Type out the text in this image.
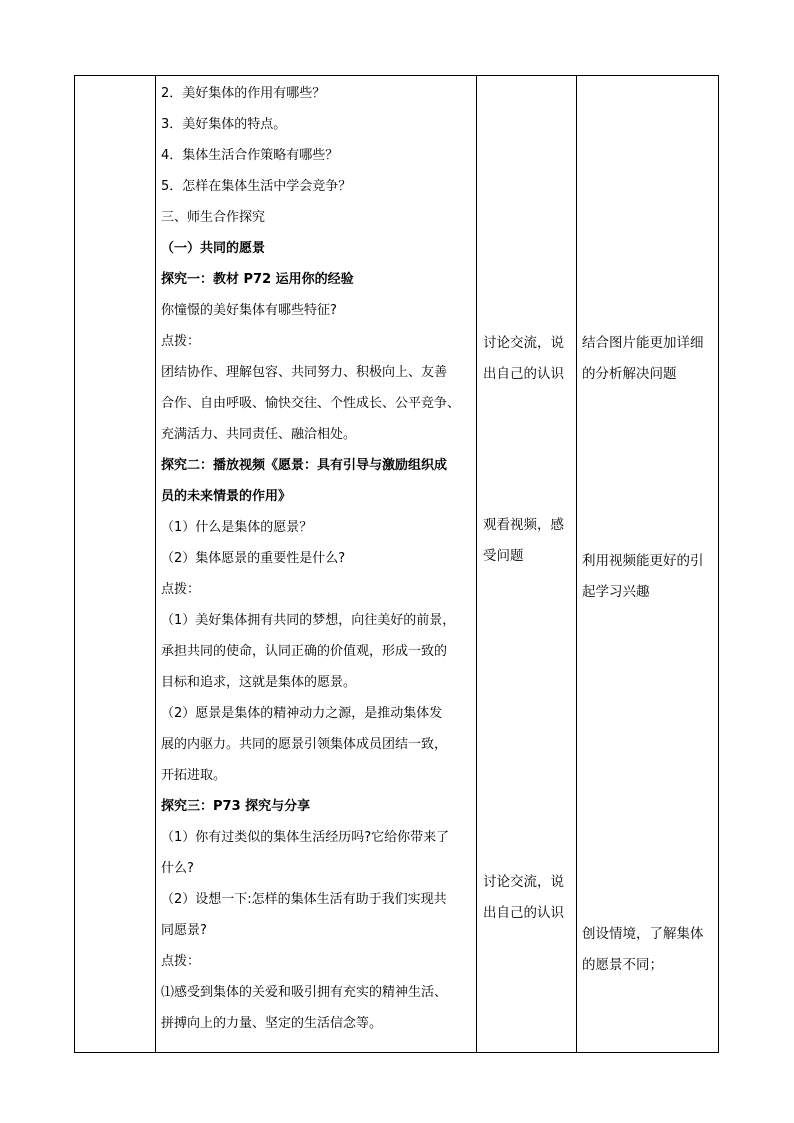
2．美好集体的作用有哪些？
3．美好集体的特点。
4．集体生活合作策略有哪些？
5．怎样在集体生活中学会竞争？
三、师生合作探究
（一）共同的愿景
探究一：教材 P72 运用你的经验
你憧憬的美好集体有哪些特征?
点拨：
团结协作、理解包容、共同努力、积极向上、友善
合作、自由呼吸、愉快交往、个性成长、公平竞争、
充满活力、共同责任、融洽相处。
探究二：播放视频《愿景：具有引导与激励组织成
员的未来情景的作用》
（1）什么是集体的愿景？
（2）集体愿景的重要性是什么?
点拨：
（1）美好集体拥有共同的梦想，向往美好的前景，
承担共同的使命，认同正确的价值观，形成一致的
目标和追求，这就是集体的愿景。
（2）愿景是集体的精神动力之源，是推动集体发
展的内驱力。共同的愿景引领集体成员团结一致，
开拓进取。
探究三：P73 探究与分享
（1）你有过类似的集体生活经历吗?它给你带来了
什么?
（2）设想一下:怎样的集体生活有助于我们实现共
同愿景?
点拨：
⑴感受到集体的关爱和吸引拥有充实的精神生活、
拼搏向上的力量、坚定的生活信念等。
讨论交流，说
出自己的认识
观看视频，感
受问题
讨论交流，说
出自己的认识
结合图片能更加详细
的分析解决问题
利用视频能更好的引
起学习兴趣
创设情境，了解集体
的愿景不同；
